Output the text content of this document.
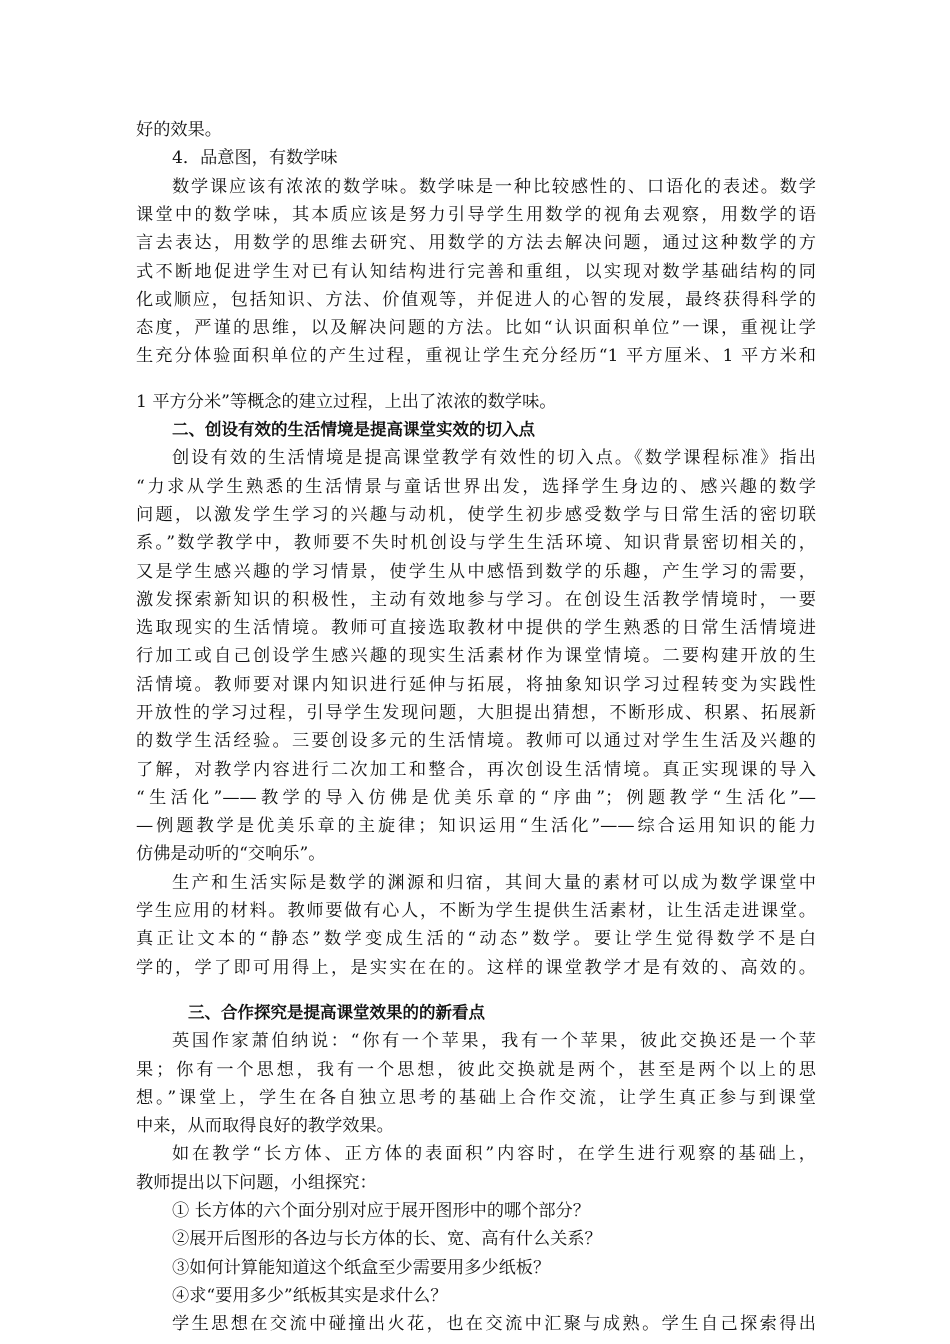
好的效果。
4．品意图，有数学味
数学课应该有浓浓的数学味。数学味是一种比较感性的、口语化的表述。数学
课堂中的数学味，其本质应该是努力引导学生用数学的视角去观察，用数学的语
言去表达，用数学的思维去研究、用数学的方法去解决问题，通过这种数学的方
式不断地促进学生对已有认知结构进行完善和重组，以实现对数学基础结构的同
化或顺应，包括知识、方法、价值观等，并促进人的心智的发展，最终获得科学的
态度，严谨的思维，以及解决问题的方法。比如“认识面积单位”一课，重视让学
生充分体验面积单位的产生过程，重视让学生充分经历“1 平方厘米、1 平方米和
1 平方分米”等概念的建立过程，上出了浓浓的数学味。
二、创设有效的生活情境是提高课堂实效的切入点
创设有效的生活情境是提高课堂教学有效性的切入点。《数学课程标准》指出
“力求从学生熟悉的生活情景与童话世界出发，选择学生身边的、感兴趣的数学
问题，以激发学生学习的兴趣与动机，使学生初步感受数学与日常生活的密切联
系。”数学教学中，教师要不失时机创设与学生生活环境、知识背景密切相关的，
又是学生感兴趣的学习情景，使学生从中感悟到数学的乐趣，产生学习的需要，
激发探索新知识的积极性，主动有效地参与学习。在创设生活教学情境时，一要
选取现实的生活情境。教师可直接选取教材中提供的学生熟悉的日常生活情境进
行加工或自己创设学生感兴趣的现实生活素材作为课堂情境。二要构建开放的生
活情境。教师要对课内知识进行延伸与拓展，将抽象知识学习过程转变为实践性
开放性的学习过程，引导学生发现问题，大胆提出猜想，不断形成、积累、拓展新
的数学生活经验。三要创设多元的生活情境。教师可以通过对学生生活及兴趣的
了解，对教学内容进行二次加工和整合，再次创设生活情境。真正实现课的导入
“生活化”——教学的导入仿佛是优美乐章的“序曲”；例题教学“生活化”—
—例题教学是优美乐章的主旋律；知识运用“生活化”——综合运用知识的能力
仿佛是动听的“交响乐”。
生产和生活实际是数学的渊源和归宿，其间大量的素材可以成为数学课堂中
学生应用的材料。教师要做有心人，不断为学生提供生活素材，让生活走进课堂。
真正让文本的“静态”数学变成生活的“动态”数学。要让学生觉得数学不是白
学的，学了即可用得上，是实实在在的。这样的课堂教学才是有效的、高效的。
三、合作探究是提高课堂效果的的新看点
英国作家萧伯纳说：“你有一个苹果，我有一个苹果，彼此交换还是一个苹
果；你有一个思想，我有一个思想，彼此交换就是两个，甚至是两个以上的思
想。”课堂上，学生在各自独立思考的基础上合作交流，让学生真正参与到课堂
中来，从而取得良好的教学效果。
如在教学“长方体、正方体的表面积”内容时，在学生进行观察的基础上，
教师提出以下问题，小组探究：
① 长方体的六个面分别对应于展开图形中的哪个部分？
②展开后图形的各边与长方体的长、宽、高有什么关系？
③如何计算能知道这个纸盒至少需要用多少纸板？
④求“要用多少”纸板其实是求什么？
学生思想在交流中碰撞出火花，也在交流中汇聚与成熟。学生自己探索得出
